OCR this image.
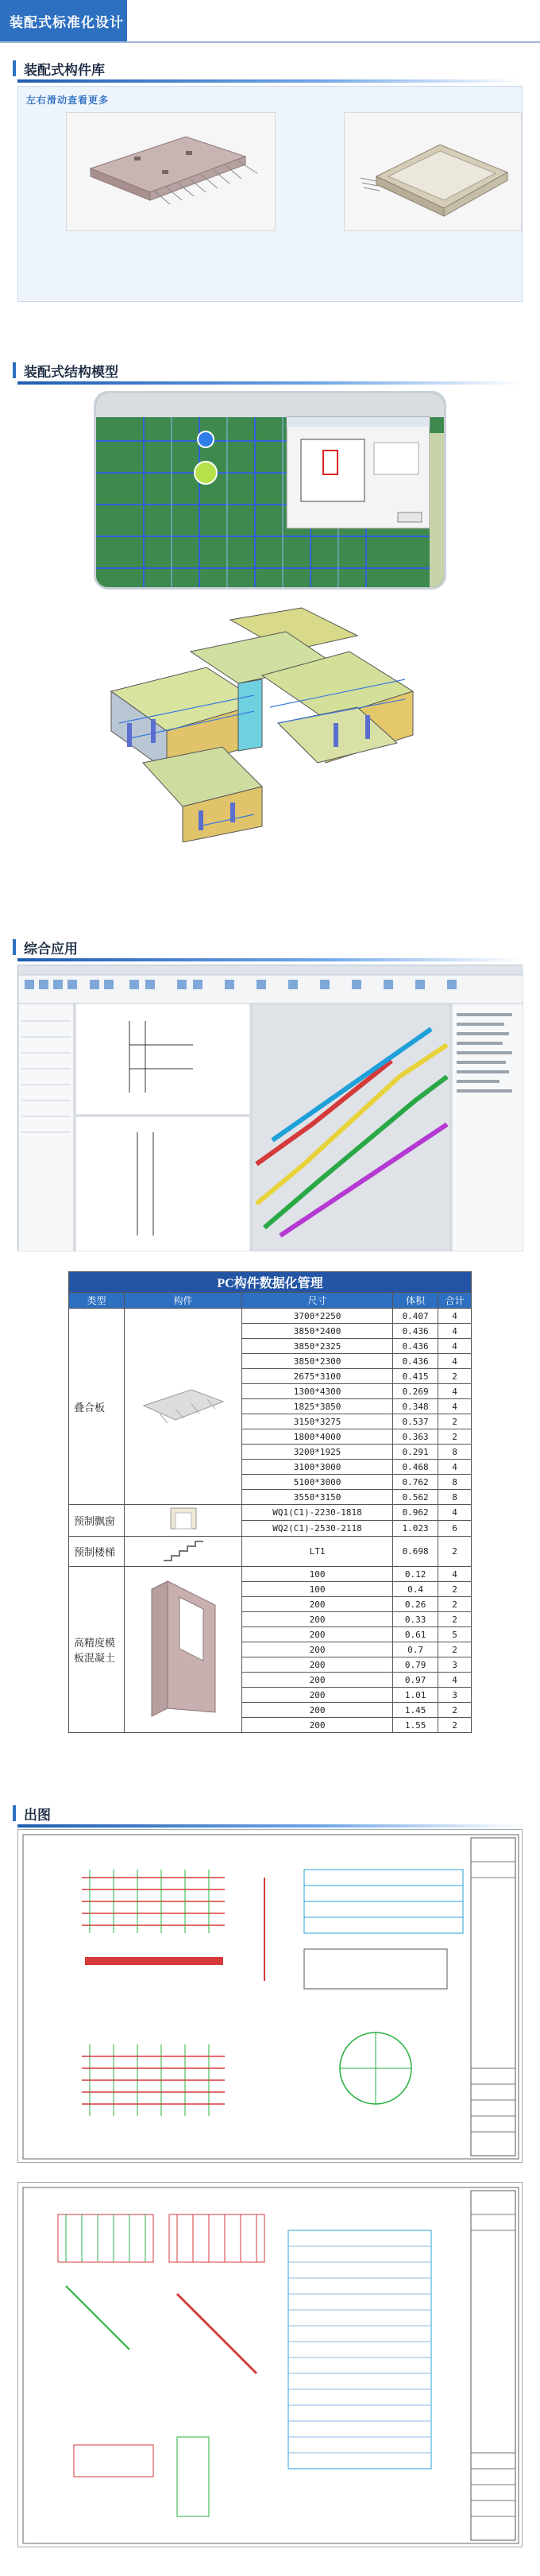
装配式标准化设计
装配式构件库
左右滑动查看更多
装配式结构模型
综合应用
PC构件数据化管理				
类型	构件	尺寸	体积	合计
叠合板		3700*2250	0.407	4
		3850*2400	0.436	4
		3850*2325	0.436	4
		3850*2300	0.436	4
		2675*3100	0.415	2
		1300*4300	0.269	4
		1825*3850	0.348	4
		3150*3275	0.537	2
		1800*4000	0.363	2
		3200*1925	0.291	8
		3100*3000	0.468	4
		5100*3000	0.762	8
		3550*3150	0.562	8
预制飘窗		WQ1(C1)-2230-1818	0.962	4
		WQ2(C1)-2530-2118	1.023	6
预制楼梯		LT1	0.698	2
高精度模板混凝土		100	0.12	4
		100	0.4	2
		200	0.26	2
		200	0.33	2
		200	0.61	5
		200	0.7	2
		200	0.79	3
		200	0.97	4
		200	1.01	3
		200	1.45	2
		200	1.55	2
出图
